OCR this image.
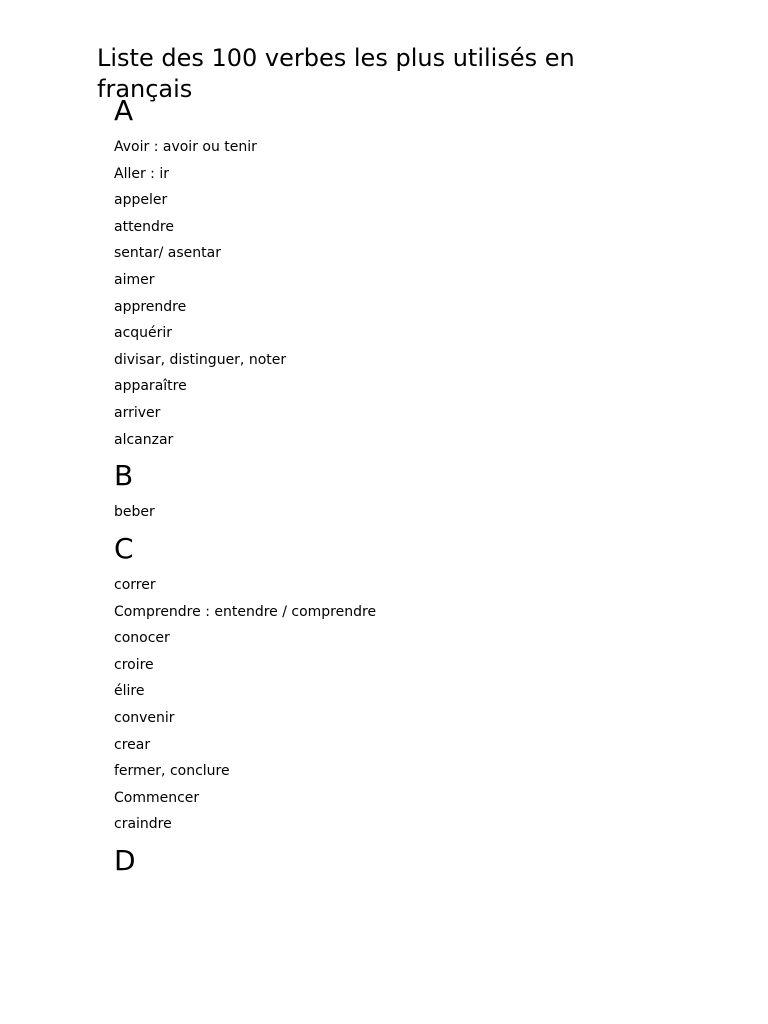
Liste des 100 verbes les plus utilisés en français
A
Avoir : avoir ou tenir
Aller : ir
appeler
attendre
sentar/ asentar
aimer
apprendre
acquérir
divisar, distinguer, noter
apparaître
arriver
alcanzar
B
beber
C
correr
Comprendre : entendre / comprendre
conocer
croire
élire
convenir
crear
fermer, conclure
Commencer
craindre
D
